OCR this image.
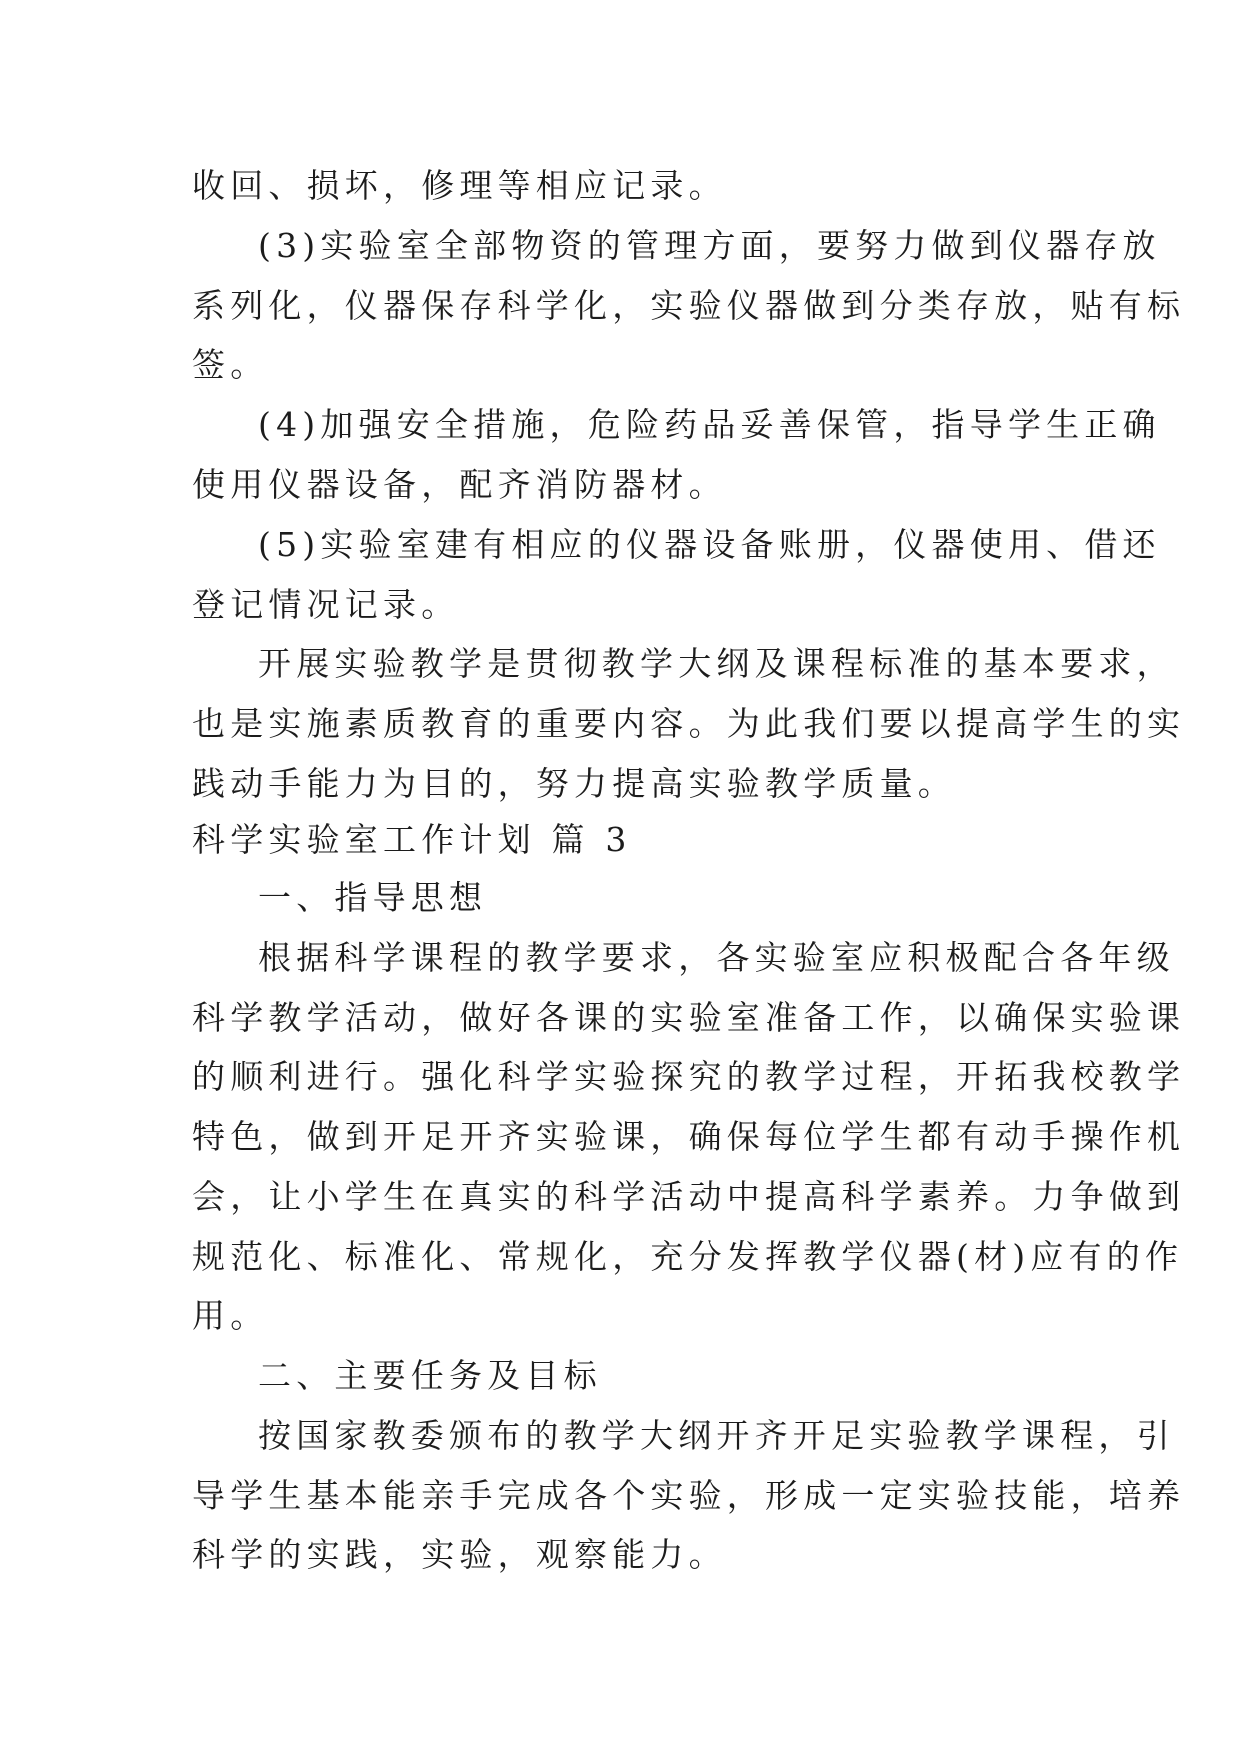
收回、损坏，修理等相应记录。

(3)实验室全部物资的管理方面，要努力做到仪器存放

系列化，仪器保存科学化，实验仪器做到分类存放，贴有标

签。

(4)加强安全措施，危险药品妥善保管，指导学生正确

使用仪器设备，配齐消防器材。

(5)实验室建有相应的仪器设备账册，仪器使用、借还

登记情况记录。

开展实验教学是贯彻教学大纲及课程标准的基本要求，

也是实施素质教育的重要内容。为此我们要以提高学生的实

践动手能力为目的，努力提高实验教学质量。

科学实验室工作计划 篇 3

一、指导思想

根据科学课程的教学要求，各实验室应积极配合各年级

科学教学活动，做好各课的实验室准备工作，以确保实验课

的顺利进行。强化科学实验探究的教学过程，开拓我校教学

特色，做到开足开齐实验课，确保每位学生都有动手操作机

会，让小学生在真实的科学活动中提高科学素养。力争做到

规范化、标准化、常规化，充分发挥教学仪器(材)应有的作

用。

二、主要任务及目标

按国家教委颁布的教学大纲开齐开足实验教学课程，引

导学生基本能亲手完成各个实验，形成一定实验技能，培养

科学的实践，实验，观察能力。
